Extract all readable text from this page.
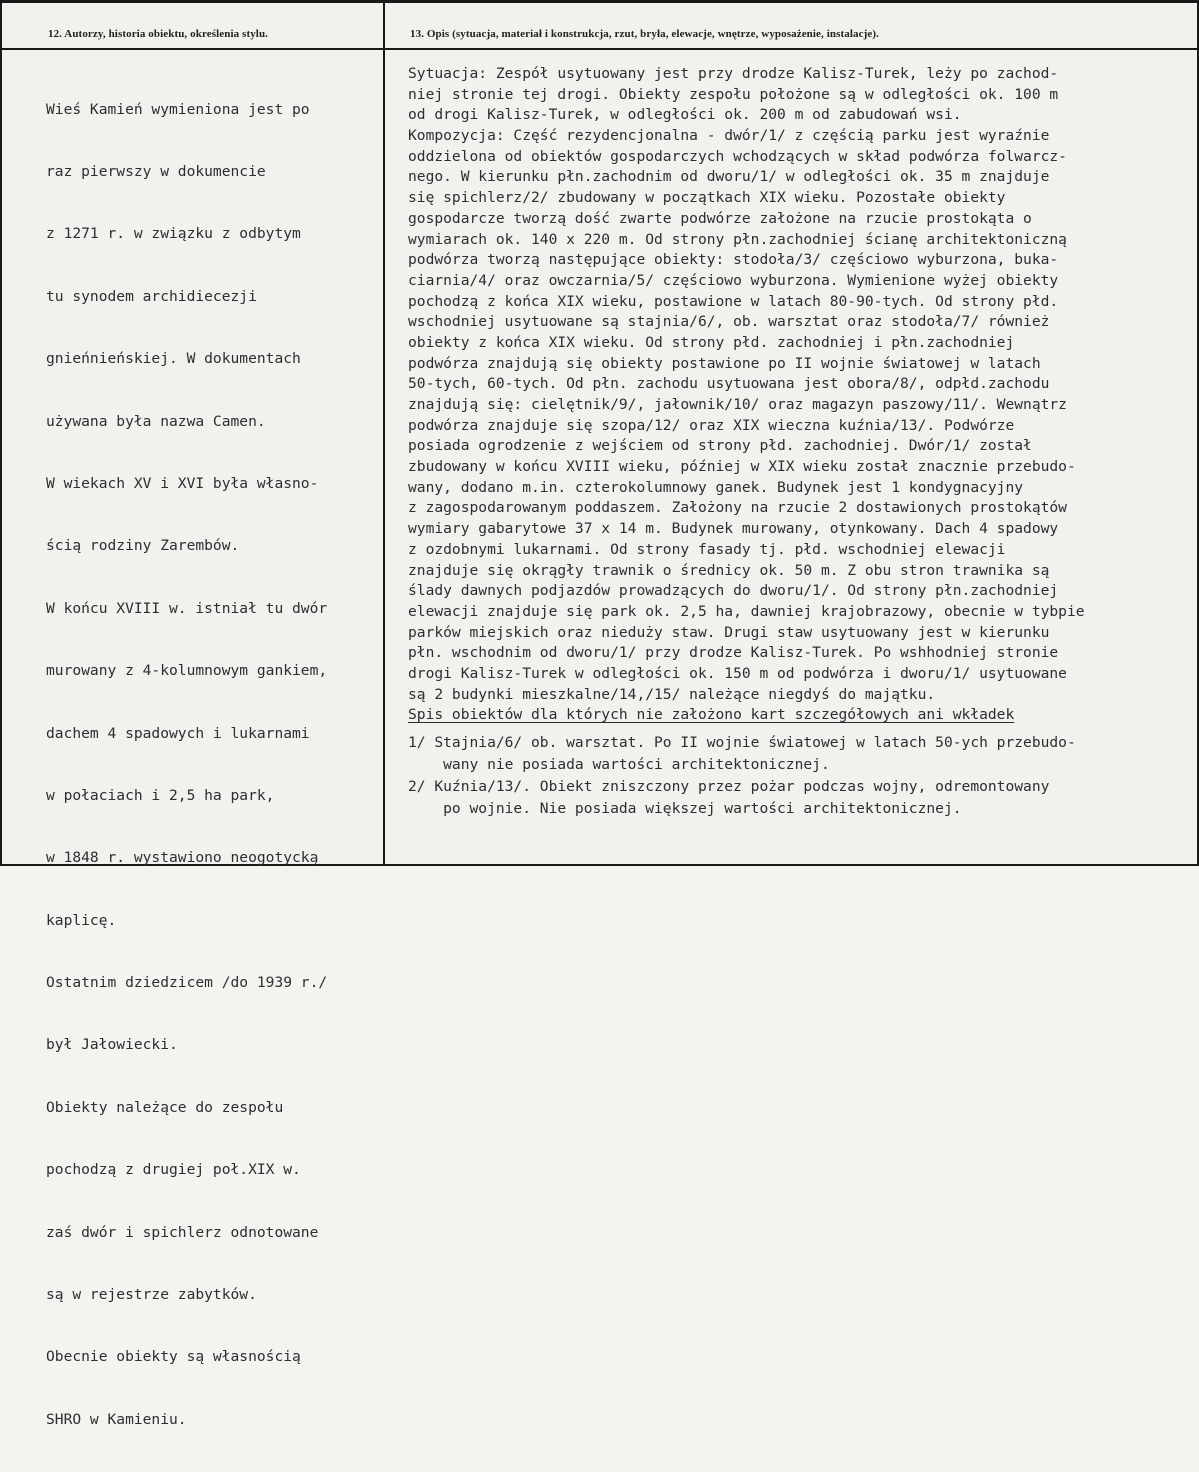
12. Autorzy, historia obiektu, określenia stylu.	13. Opis (sytuacja, materiał i konstrukcja, rzut, bryła, elewacje, wnętrze, wyposażenie, instalacje).

Wieś Kamień wymieniona jest po

raz pierwszy w dokumencie

z 1271 r. w związku z odbytym

tu synodem archidiecezji

gnieńnieńskiej. W dokumentach

używana była nazwa Camen.

W wiekach XV i XVI była własno-

ścią rodziny Zarembów.

W końcu XVIII w. istniał tu dwór

murowany z 4-kolumnowym gankiem,

dachem 4 spadowych i lukarnami

w połaciach i 2,5 ha park,

w 1848 r. wystawiono neogotycką

kaplicę.

Ostatnim dziedzicem /do 1939 r./

był Jałowiecki.

Obiekty należące do zespołu

pochodzą z drugiej poł.XIX w.

zaś dwór i spichlerz odnotowane

są w rejestrze zabytków.

Obecnie obiekty są własnością

SHRO w Kamieniu.

Sytuacja: Zespół usytuowany jest przy drodze Kalisz-Turek, leży po zachod-
niej stronie tej drogi. Obiekty zespołu położone są w odległości ok. 100 m
od drogi Kalisz-Turek, w odległości ok. 200 m od zabudowań wsi.
Kompozycja: Część rezydencjonalna - dwór/1/ z częścią parku jest wyraźnie
oddzielona od obiektów gospodarczych wchodzących w skład podwórza folwarcz-
nego. W kierunku płn.zachodnim od dworu/1/ w odległości ok. 35 m znajduje
się spichlerz/2/ zbudowany w początkach XIX wieku. Pozostałe obiekty
gospodarcze tworzą dość zwarte podwórze założone na rzucie prostokąta o
wymiarach ok. 140 x 220 m. Od strony płn.zachodniej ścianę architektoniczną
podwórza tworzą następujące obiekty: stodoła/3/ częściowo wyburzona, buka-
ciarnia/4/ oraz owczarnia/5/ częściowo wyburzona. Wymienione wyżej obiekty
pochodzą z końca XIX wieku, postawione w latach 80-90-tych. Od strony płd.
wschodniej usytuowane są stajnia/6/, ob. warsztat oraz stodoła/7/ również
obiekty z końca XIX wieku. Od strony płd. zachodniej i płn.zachodniej
podwórza znajdują się obiekty postawione po II wojnie światowej w latach
50-tych, 60-tych. Od płn. zachodu usytuowana jest obora/8/, odpłd.zachodu
znajdują się: cielętnik/9/, jałownik/10/ oraz magazyn paszowy/11/. Wewnątrz
podwórza znajduje się szopa/12/ oraz XIX wieczna kuźnia/13/. Podwórze
posiada ogrodzenie z wejściem od strony płd. zachodniej. Dwór/1/ został
zbudowany w końcu XVIII wieku, później w XIX wieku został znacznie przebudo-
wany, dodano m.in. czterokolumnowy ganek. Budynek jest 1 kondygnacyjny
z zagospodarowanym poddaszem. Założony na rzucie 2 dostawionych prostokątów
wymiary gabarytowe 37 x 14 m. Budynek murowany, otynkowany. Dach 4 spadowy
z ozdobnymi lukarnami. Od strony fasady tj. płd. wschodniej elewacji
znajduje się okrągły trawnik o średnicy ok. 50 m. Z obu stron trawnika są
ślady dawnych podjazdów prowadzących do dworu/1/. Od strony płn.zachodniej
elewacji znajduje się park ok. 2,5 ha, dawniej krajobrazowy, obecnie w tybpie
parków miejskich oraz nieduży staw. Drugi staw usytuowany jest w kierunku
płn. wschodnim od dworu/1/ przy drodze Kalisz-Turek. Po wshhodniej stronie
drogi Kalisz-Turek w odległości ok. 150 m od podwórza i dworu/1/ usytuowane
są 2 budynki mieszkalne/14,/15/ należące niegdyś do majątku.
Spis obiektów dla których nie założono kart szczegółowych ani wkładek
1/ Stajnia/6/ ob. warsztat. Po II wojnie światowej w latach 50-ych przebudo-
wany nie posiada wartości architektonicznej.
2/ Kuźnia/13/. Obiekt zniszczony przez pożar podczas wojny, odremontowany
po wojnie. Nie posiada większej wartości architektonicznej.
